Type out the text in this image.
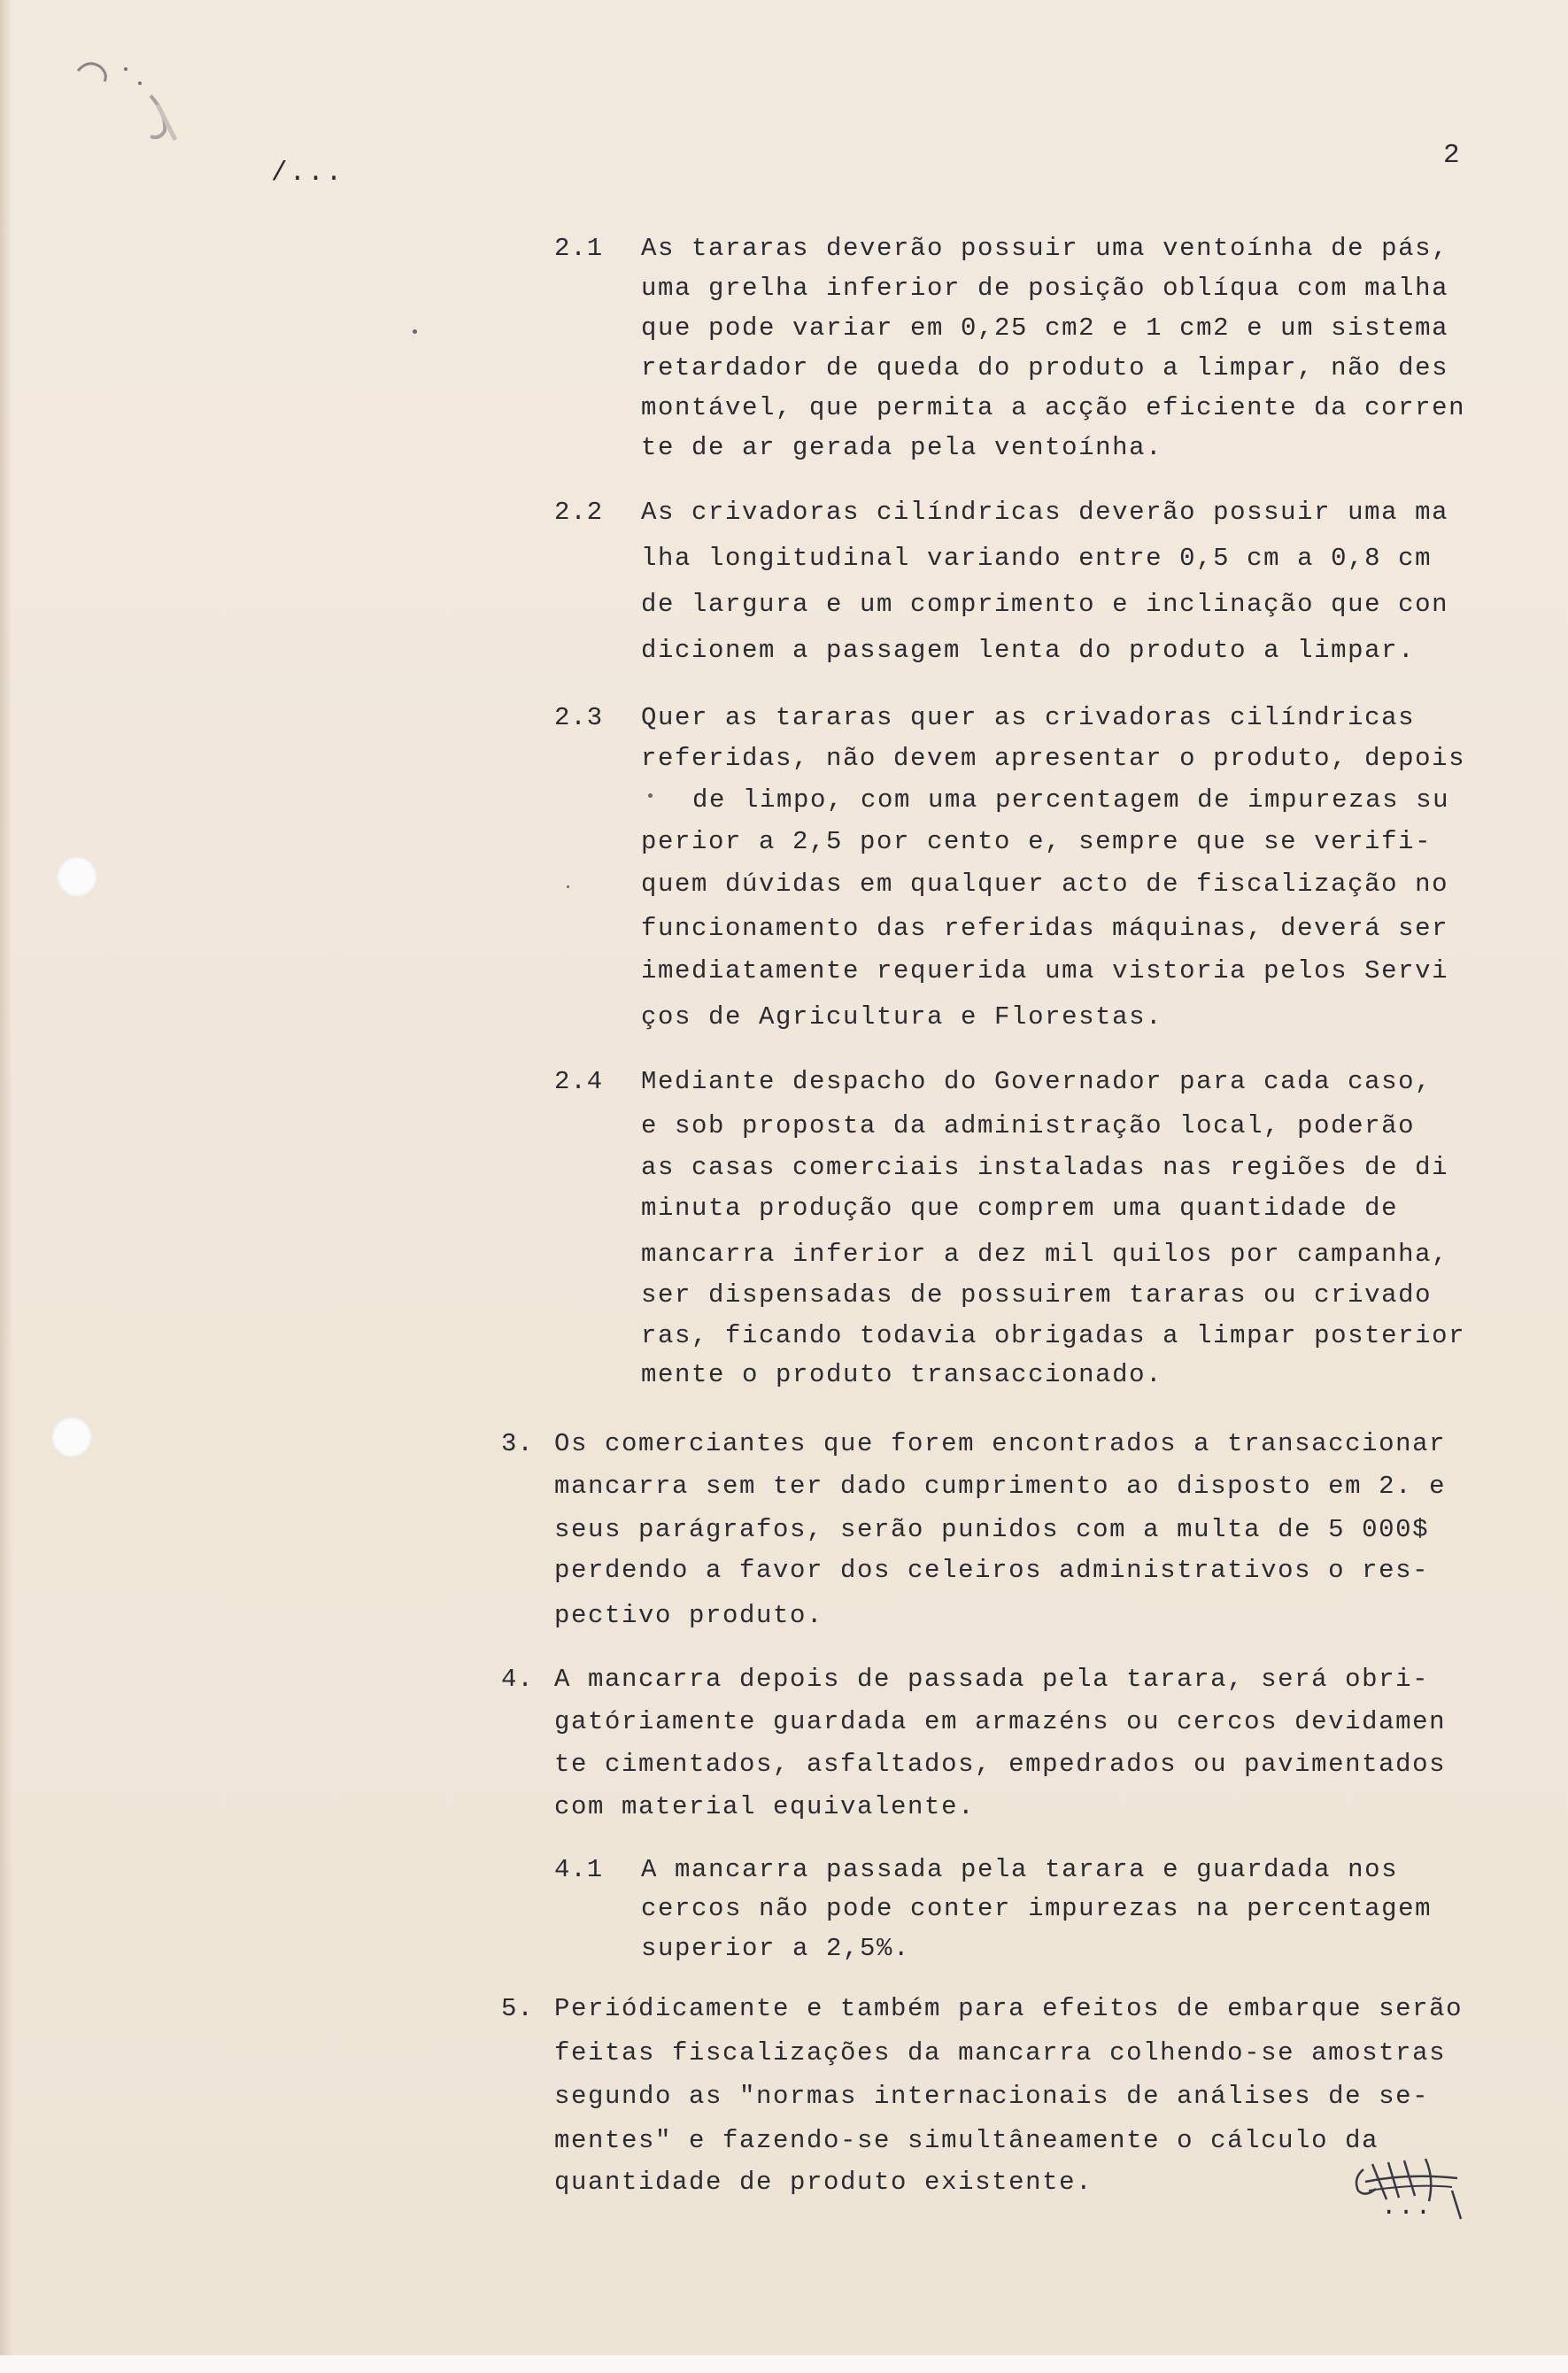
/...
2
2.1 As tararas deverão possuir uma ventoínha de pás,
uma grelha inferior de posição oblíqua com malha
que pode variar em 0,25 cm2 e 1 cm2 e um sistema
retardador de queda do produto a limpar, não des
montável, que permita a acção eficiente da corren
te de ar gerada pela ventoínha.
2.2 As crivadoras cilíndricas deverão possuir uma ma
lha longitudinal variando entre 0,5 cm a 0,8 cm
de largura e um comprimento e inclinação que con
dicionem a passagem lenta do produto a limpar.
2.3 Quer as tararas quer as crivadoras cilíndricas
referidas, não devem apresentar o produto, depois
de limpo, com uma percentagem de impurezas su
perior a 2,5 por cento e, sempre que se verifi-
quem dúvidas em qualquer acto de fiscalização no
funcionamento das referidas máquinas, deverá ser
imediatamente requerida uma vistoria pelos Servi
ços de Agricultura e Florestas.
2.4 Mediante despacho do Governador para cada caso,
e sob proposta da administração local, poderão
as casas comerciais instaladas nas regiões de di
minuta produção que comprem uma quantidade de
mancarra inferior a dez mil quilos por campanha,
ser dispensadas de possuirem tararas ou crivado
ras, ficando todavia obrigadas a limpar posterior
mente o produto transaccionado.
3. Os comerciantes que forem encontrados a transaccionar
mancarra sem ter dado cumprimento ao disposto em 2. e
seus parágrafos, serão punidos com a multa de 5 000$
perdendo a favor dos celeiros administrativos o res-
pectivo produto.
4. A mancarra depois de passada pela tarara, será obri-
gatóriamente guardada em armazéns ou cercos devidamen
te cimentados, asfaltados, empedrados ou pavimentados
com material equivalente.
4.1 A mancarra passada pela tarara e guardada nos
cercos não pode conter impurezas na percentagem
superior a 2,5%.
5. Periódicamente e também para efeitos de embarque serão
feitas fiscalizações da mancarra colhendo-se amostras
segundo as "normas internacionais de análises de se-
mentes" e fazendo-se simultâneamente o cálculo da
quantidade de produto existente.
...
